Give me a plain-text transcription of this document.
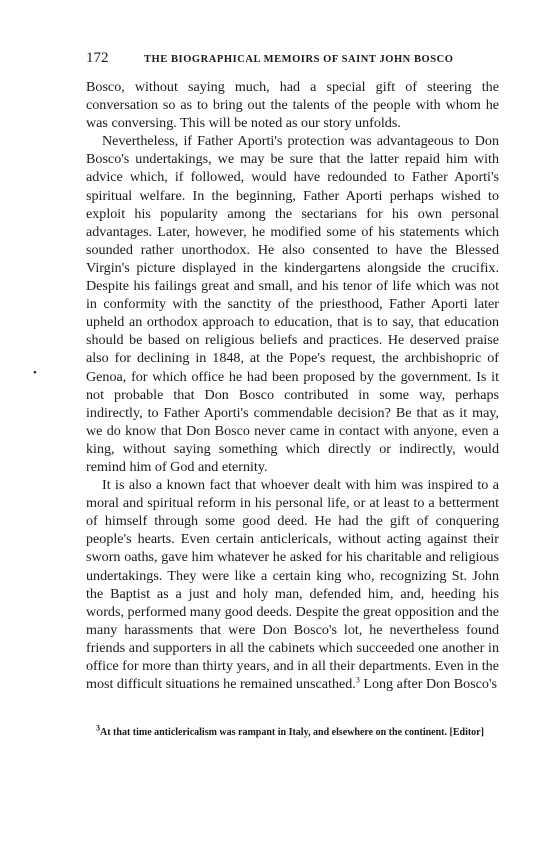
•
172	THE BIOGRAPHICAL MEMOIRS OF SAINT JOHN BOSCO

Bosco, without saying much, had a special gift of steering the conversation so as to bring out the talents of the people with whom he was conversing. This will be noted as our story unfolds.

Nevertheless, if Father Aporti's protection was advantageous to Don Bosco's undertakings, we may be sure that the latter repaid him with advice which, if followed, would have redounded to Father Aporti's spiritual welfare. In the beginning, Father Aporti perhaps wished to exploit his popularity among the sectarians for his own personal advantages. Later, however, he modified some of his statements which sounded rather unorthodox. He also consented to have the Blessed Virgin's picture displayed in the kindergartens alongside the crucifix. Despite his failings great and small, and his tenor of life which was not in conformity with the sanctity of the priesthood, Father Aporti later upheld an orthodox approach to education, that is to say, that education should be based on religious beliefs and practices. He deserved praise also for declining in 1848, at the Pope's request, the archbishopric of Genoa, for which office he had been proposed by the government. Is it not probable that Don Bosco contributed in some way, perhaps indirectly, to Father Aporti's commendable decision? Be that as it may, we do know that Don Bosco never came in contact with anyone, even a king, without saying something which directly or indirectly, would remind him of God and eternity.

It is also a known fact that whoever dealt with him was inspired to a moral and spiritual reform in his personal life, or at least to a betterment of himself through some good deed. He had the gift of conquering people's hearts. Even certain anticlericals, without acting against their sworn oaths, gave him whatever he asked for his charitable and religious undertakings. They were like a certain king who, recognizing St. John the Baptist as a just and holy man, defended him, and, heeding his words, performed many good deeds. Despite the great opposition and the many harassments that were Don Bosco's lot, he nevertheless found friends and supporters in all the cabinets which succeeded one another in office for more than thirty years, and in all their departments. Even in the most difficult situations he remained unscathed.$^3$ Long after Don Bosco's

$^3$At that time anticlericalism was rampant in Italy, and elsewhere on the continent. [Editor]
